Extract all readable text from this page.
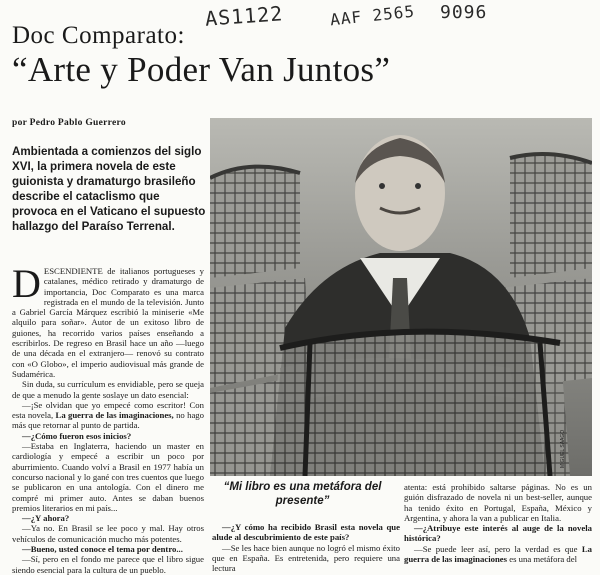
AS1122	AAF 2565 9096
Doc Comparato:
“Arte y Poder Van Juntos”
por Pedro Pablo Guerrero
Ambientada a comienzos del siglo XVI, la primera novela de este guionista y dramaturgo brasileño describe el cataclismo que provoca en el Vaticano el supuesto hallazgo del Paraíso Terrenal.
MIGUEL SAAGO
“Mi libro es una metáfora del presente”

DESCENDIENTE de italianos portugueses y catalanes, médico retirado y dramaturgo de importancia, Doc Comparato es una marca registrada en el mundo de la televisión. Junto a Gabriel García Márquez escribió la miniserie «Me alquilo para soñar». Autor de un exitoso libro de guiones, ha recorrido varios países enseñando a escribirlos. De regreso en Brasil hace un año —luego de una década en el extranjero— renovó su contrato con «O Globo», el imperio audiovisual más grande de Sudamérica.

Sin duda, su currículum es envidiable, pero se queja de que a menudo la gente soslaye un dato esencial:

—¡Se olvidan que yo empecé como escritor! Con esta novela, La guerra de las imaginaciones, no hago más que retornar al punto de partida.

—¿Cómo fueron esos inicios?

—Estaba en Inglaterra, haciendo un master en cardiología y empecé a escribir un poco por aburrimiento. Cuando volví a Brasil en 1977 había un concurso nacional y lo gané con tres cuentos que luego se publicaron en una antología. Con el dinero me compré mi primer auto. Antes se daban buenos premios literarios en mi país...

—¿Y ahora?

—Ya no. En Brasil se lee poco y mal. Hay otros vehículos de comunicación mucho más potentes.

—Bueno, usted conoce el tema por dentro...

—Sí, pero en el fondo me parece que el libro sigue siendo esencial para la cultura de un pueblo.

—¿Y cómo ha recibido Brasil esta novela que alude al descubrimiento de este país?

—Se les hace bien aunque no logró el mismo éxito que en España. Es entretenida, pero requiere una lectura

atenta: está prohibido saltarse páginas. No es un guión disfrazado de novela ni un best-seller, aunque ha tenido éxito en Portugal, España, México y Argentina, y ahora la van a publicar en Italia.

—¿Atribuye este interés al auge de la novela histórica?

—Se puede leer así, pero la verdad es que La guerra de las imaginaciones es una metáfora del
